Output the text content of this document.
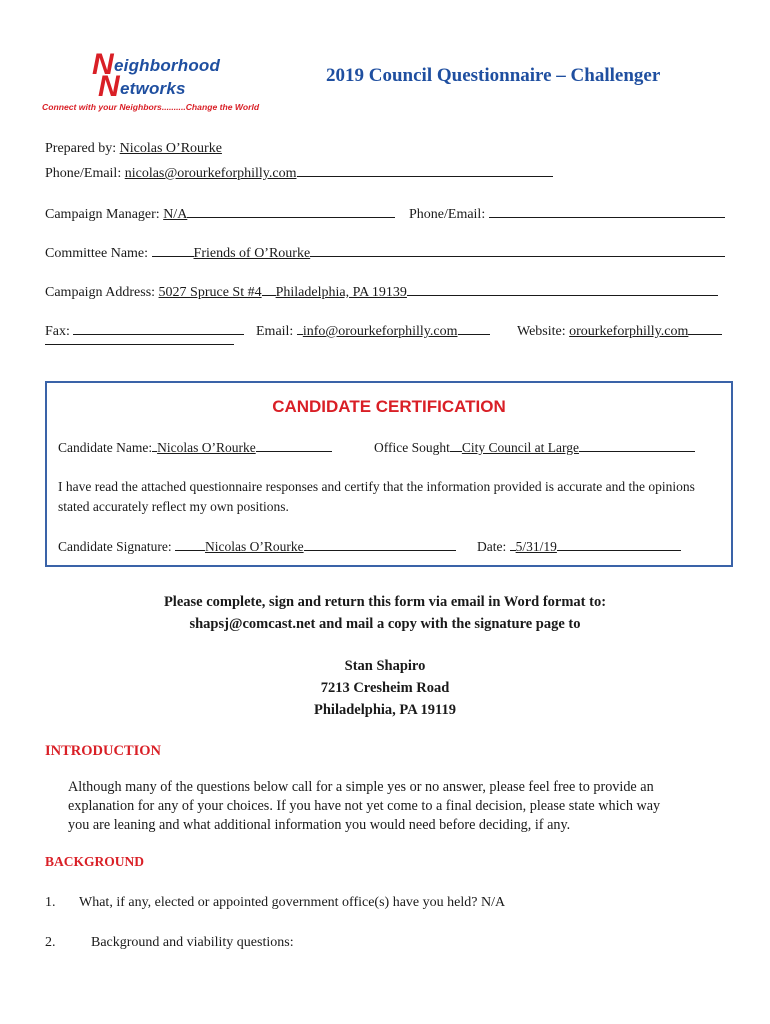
N eighborhood
N etworks
Connect with your Neighbors..........Change the World
2019 Council Questionnaire – Challenger
Prepared by: Nicolas O’Rourke
Phone/Email: nicolas@orourkeforphilly.com
Campaign Manager: N/A	Phone/Email:
Committee Name:	Friends of O’Rourke
Campaign Address: 5027 Spruce St #4 Philadelphia, PA 19139
Fax:	Email: info@orourkeforphilly.com	Website: orourkeforphilly.com
CANDIDATE CERTIFICATION
Candidate Name: Nicolas O’Rourke	Office Sought City Council at Large
I have read the attached questionnaire responses and certify that the information provided is accurate and the opinions
stated accurately reflect my own positions.
Candidate Signature: Nicolas O’Rourke	Date: 5/31/19
Please complete, sign and return this form via email in Word format to:
shapsj@comcast.net and mail a copy with the signature page to
Stan Shapiro
7213 Cresheim Road
Philadelphia, PA 19119
INTRODUCTION
Although many of the questions below call for a simple yes or no answer, please feel free to provide an
explanation for any of your choices. If you have not yet come to a final decision, please state which way
you are leaning and what additional information you would need before deciding, if any.
BACKGROUND
1. What, if any, elected or appointed government office(s) have you held? N/A
2.	Background and viability questions:
